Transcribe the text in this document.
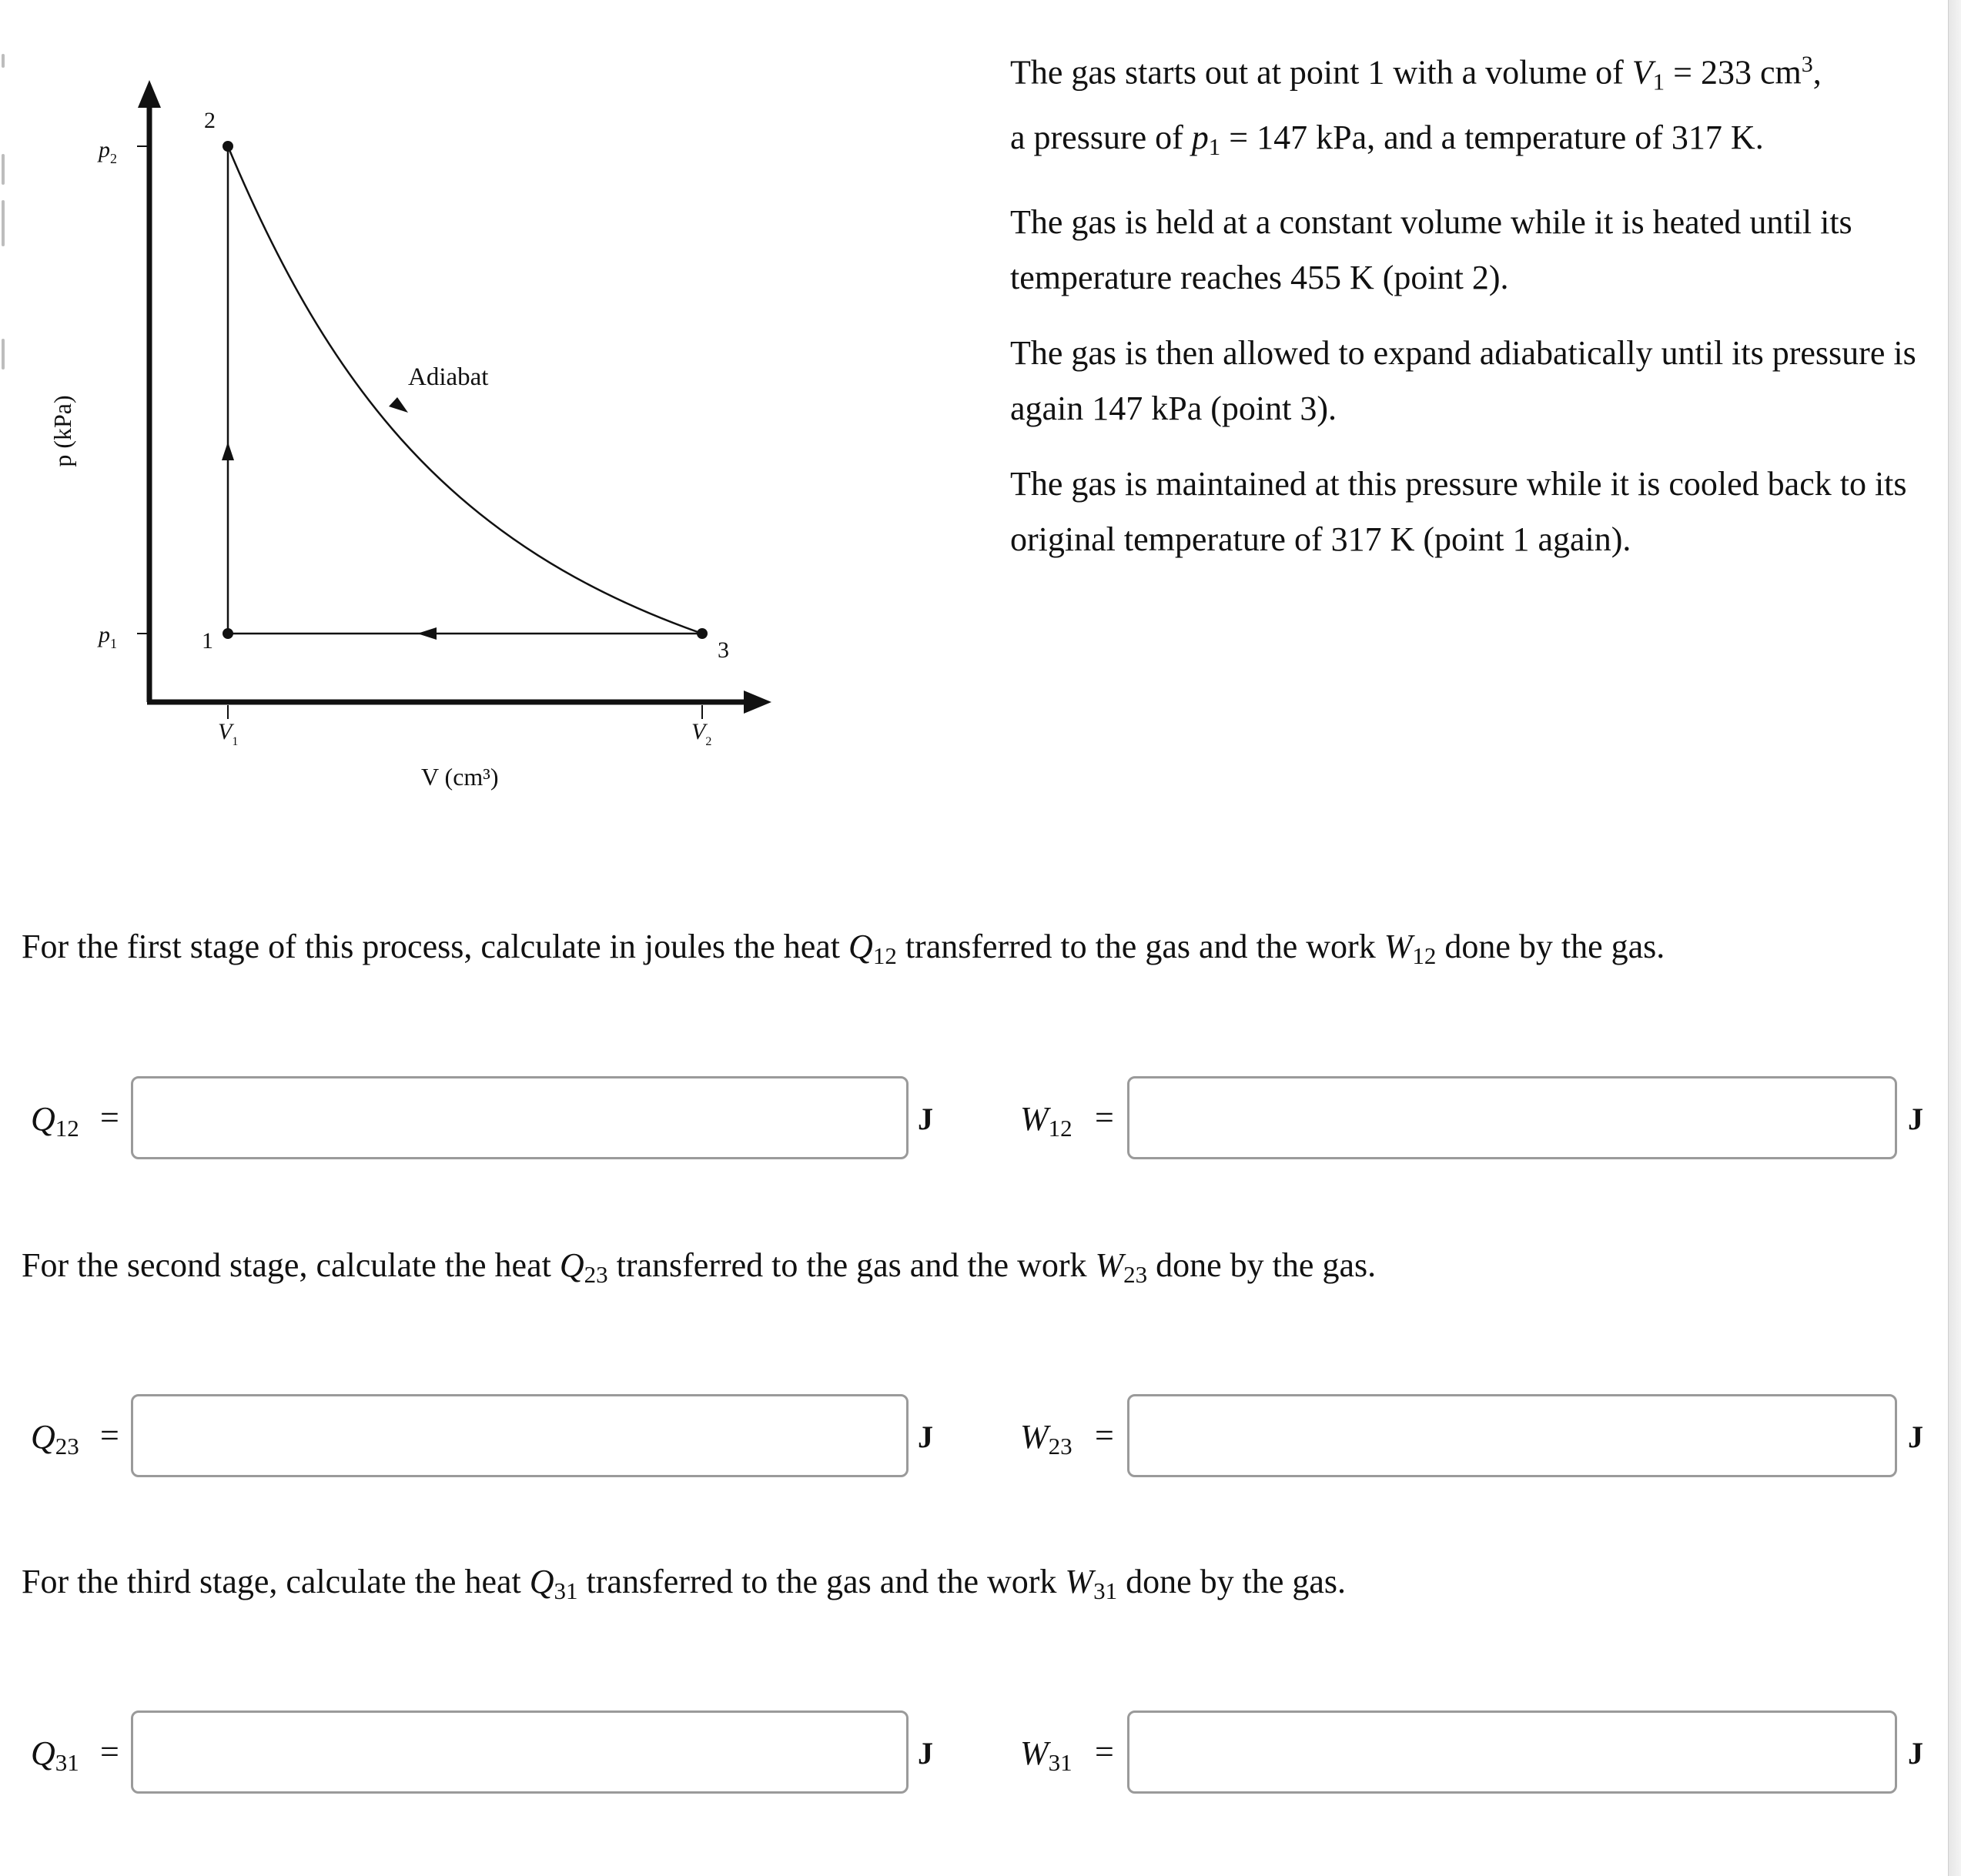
2
1	3
Adiabat
$p_2$
$p_1$
$V_1$	$V_2$
V (cm³)
p (kPa)

The gas starts out at point 1 with a volume of $V_1 = 233$ $cm^3$,
a pressure of $p_1 = 147$ kPa, and a temperature of 317 K.

The gas is held at a constant volume while it is heated until its temperature reaches 455 K (point 2).

The gas is then allowed to expand adiabatically until its pressure is again 147 kPa (point 3).

The gas is maintained at this pressure while it is cooled back to its original temperature of 317 K (point 1 again).

For the first stage of this process, calculate in joules the heat $Q_{12}$ transferred to the gas and the work $W_{12}$ done by the gas.
$Q_{12}$ =	J	$W_{12}$ =	J
For the second stage, calculate the heat $Q_{23}$ transferred to the gas and the work $W_{23}$ done by the gas.
$Q_{23}$ =	J	$W_{23}$ =	J
For the third stage, calculate the heat $Q_{31}$ transferred to the gas and the work $W_{31}$ done by the gas.
$Q_{31}$ =	J	$W_{31}$ =	J
